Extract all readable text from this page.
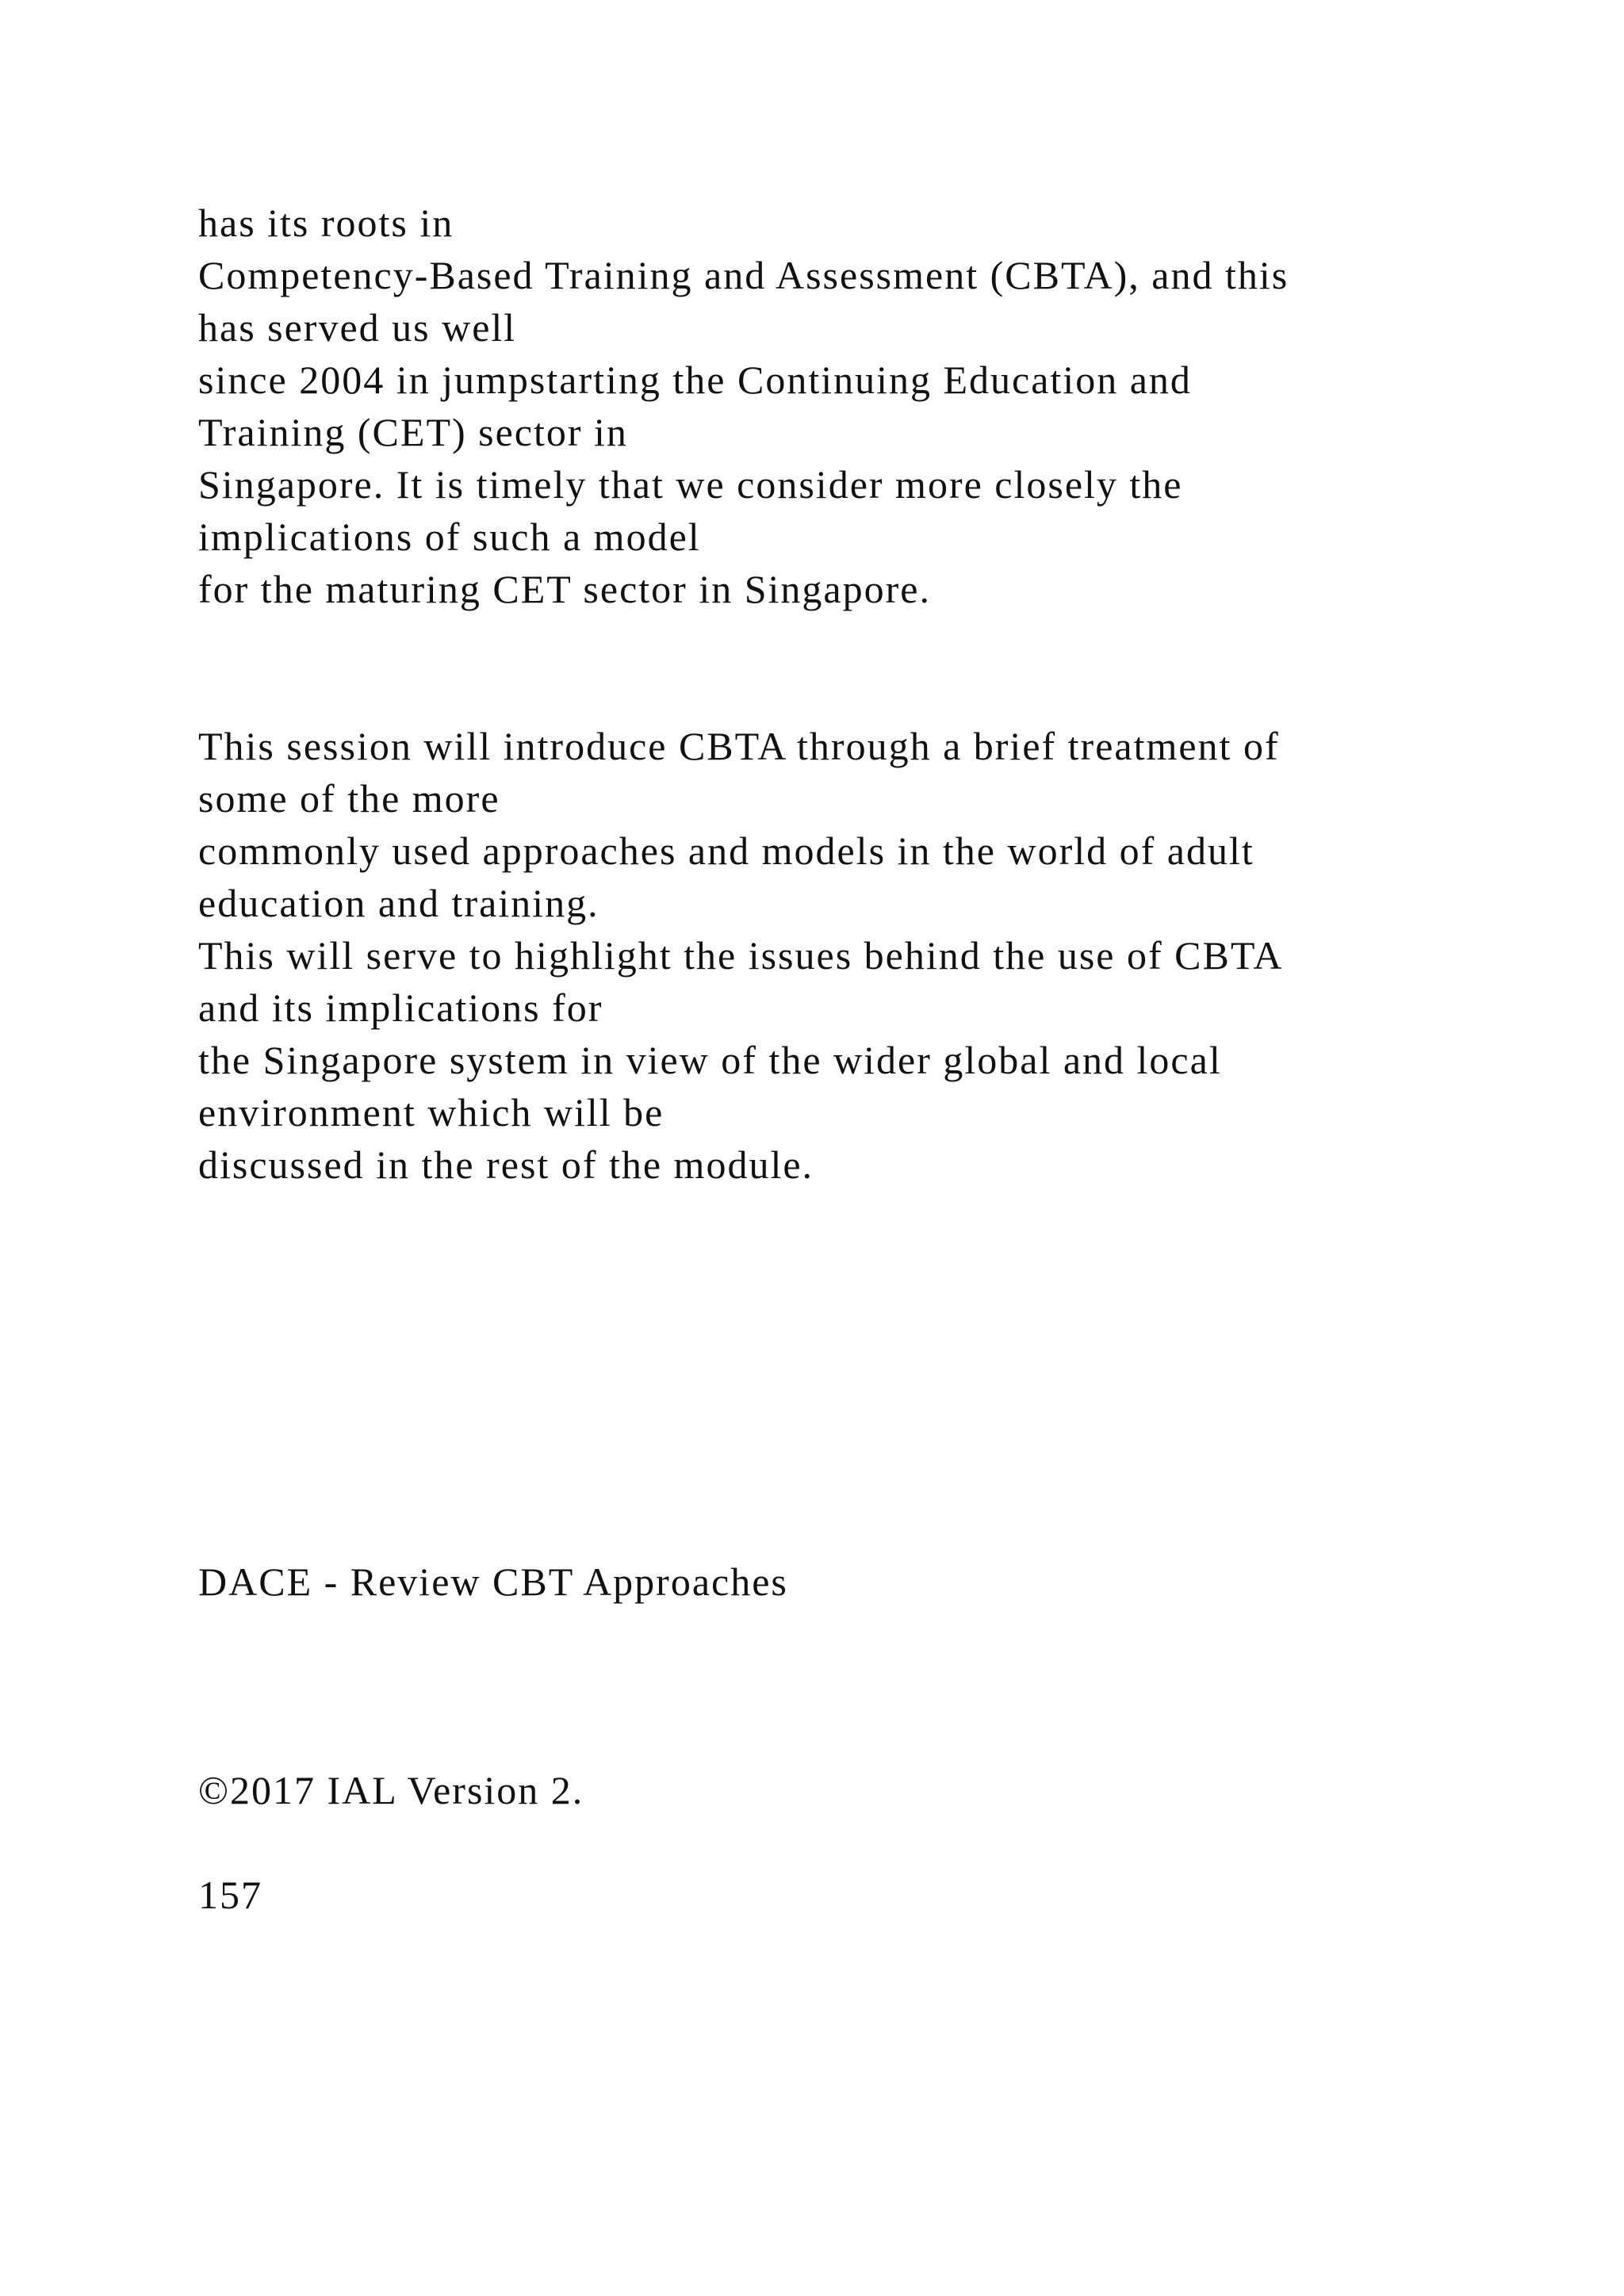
has its roots in
Competency-Based Training and Assessment (CBTA), and this
has served us well
since 2004 in jumpstarting the Continuing Education and
Training (CET) sector in
Singapore. It is timely that we consider more closely the
implications of such a model
for the maturing CET sector in Singapore.
This session will introduce CBTA through a brief treatment of
some of the more
commonly used approaches and models in the world of adult
education and training.
This will serve to highlight the issues behind the use of CBTA
and its implications for
the Singapore system in view of the wider global and local
environment which will be
discussed in the rest of the module.
DACE - Review CBT Approaches
©2017 IAL Version 2.
157
